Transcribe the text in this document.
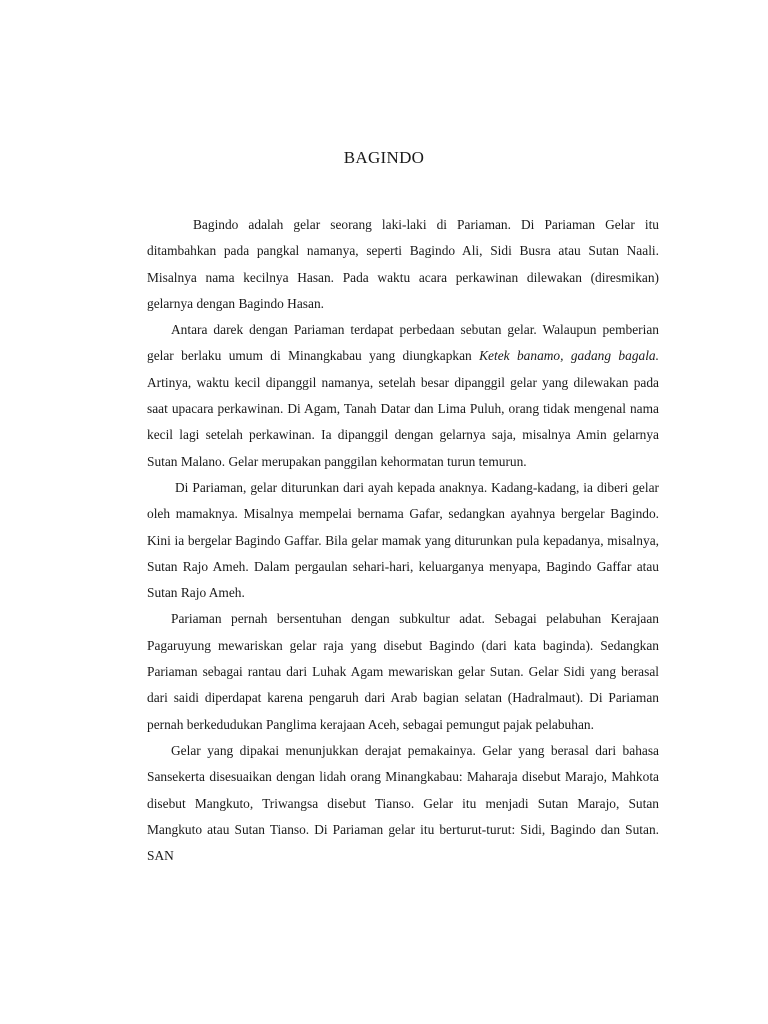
BAGINDO

Bagindo adalah gelar seorang laki-laki di Pariaman. Di Pariaman Gelar itu ditambahkan pada pangkal namanya, seperti Bagindo Ali, Sidi Busra atau Sutan Naali. Misalnya nama kecilnya Hasan. Pada waktu acara perkawinan dilewakan (diresmikan) gelarnya dengan Bagindo Hasan.

Antara darek dengan Pariaman terdapat perbedaan sebutan gelar. Walaupun pemberian gelar berlaku umum di Minangkabau yang diungkapkan Ketek banamo, gadang bagala. Artinya, waktu kecil dipanggil namanya, setelah besar dipanggil gelar yang dilewakan pada saat upacara perkawinan. Di Agam, Tanah Datar dan Lima Puluh, orang tidak mengenal nama kecil lagi setelah perkawinan. Ia dipanggil dengan gelarnya saja, misalnya Amin gelarnya Sutan Malano. Gelar merupakan panggilan kehormatan turun temurun.

Di Pariaman, gelar diturunkan dari ayah kepada anaknya. Kadang-kadang, ia diberi gelar oleh mamaknya. Misalnya mempelai bernama Gafar, sedangkan ayahnya bergelar Bagindo. Kini ia bergelar Bagindo Gaffar. Bila gelar mamak yang diturunkan pula kepadanya, misalnya, Sutan Rajo Ameh. Dalam pergaulan sehari-hari, keluarganya menyapa, Bagindo Gaffar atau Sutan Rajo Ameh.

Pariaman pernah bersentuhan dengan subkultur adat. Sebagai pelabuhan Kerajaan Pagaruyung mewariskan gelar raja yang disebut Bagindo (dari kata baginda). Sedangkan Pariaman sebagai rantau dari Luhak Agam mewariskan gelar Sutan. Gelar Sidi yang berasal dari saidi diperdapat karena pengaruh dari Arab bagian selatan (Hadralmaut). Di Pariaman pernah berkedudukan Panglima kerajaan Aceh, sebagai pemungut pajak pelabuhan.

Gelar yang dipakai menunjukkan derajat pemakainya. Gelar yang berasal dari bahasa Sansekerta disesuaikan dengan lidah orang Minangkabau: Maharaja disebut Marajo, Mahkota disebut Mangkuto, Triwangsa disebut Tianso. Gelar itu menjadi Sutan Marajo, Sutan Mangkuto atau Sutan Tianso. Di Pariaman gelar itu berturut-turut: Sidi, Bagindo dan Sutan. SAN
